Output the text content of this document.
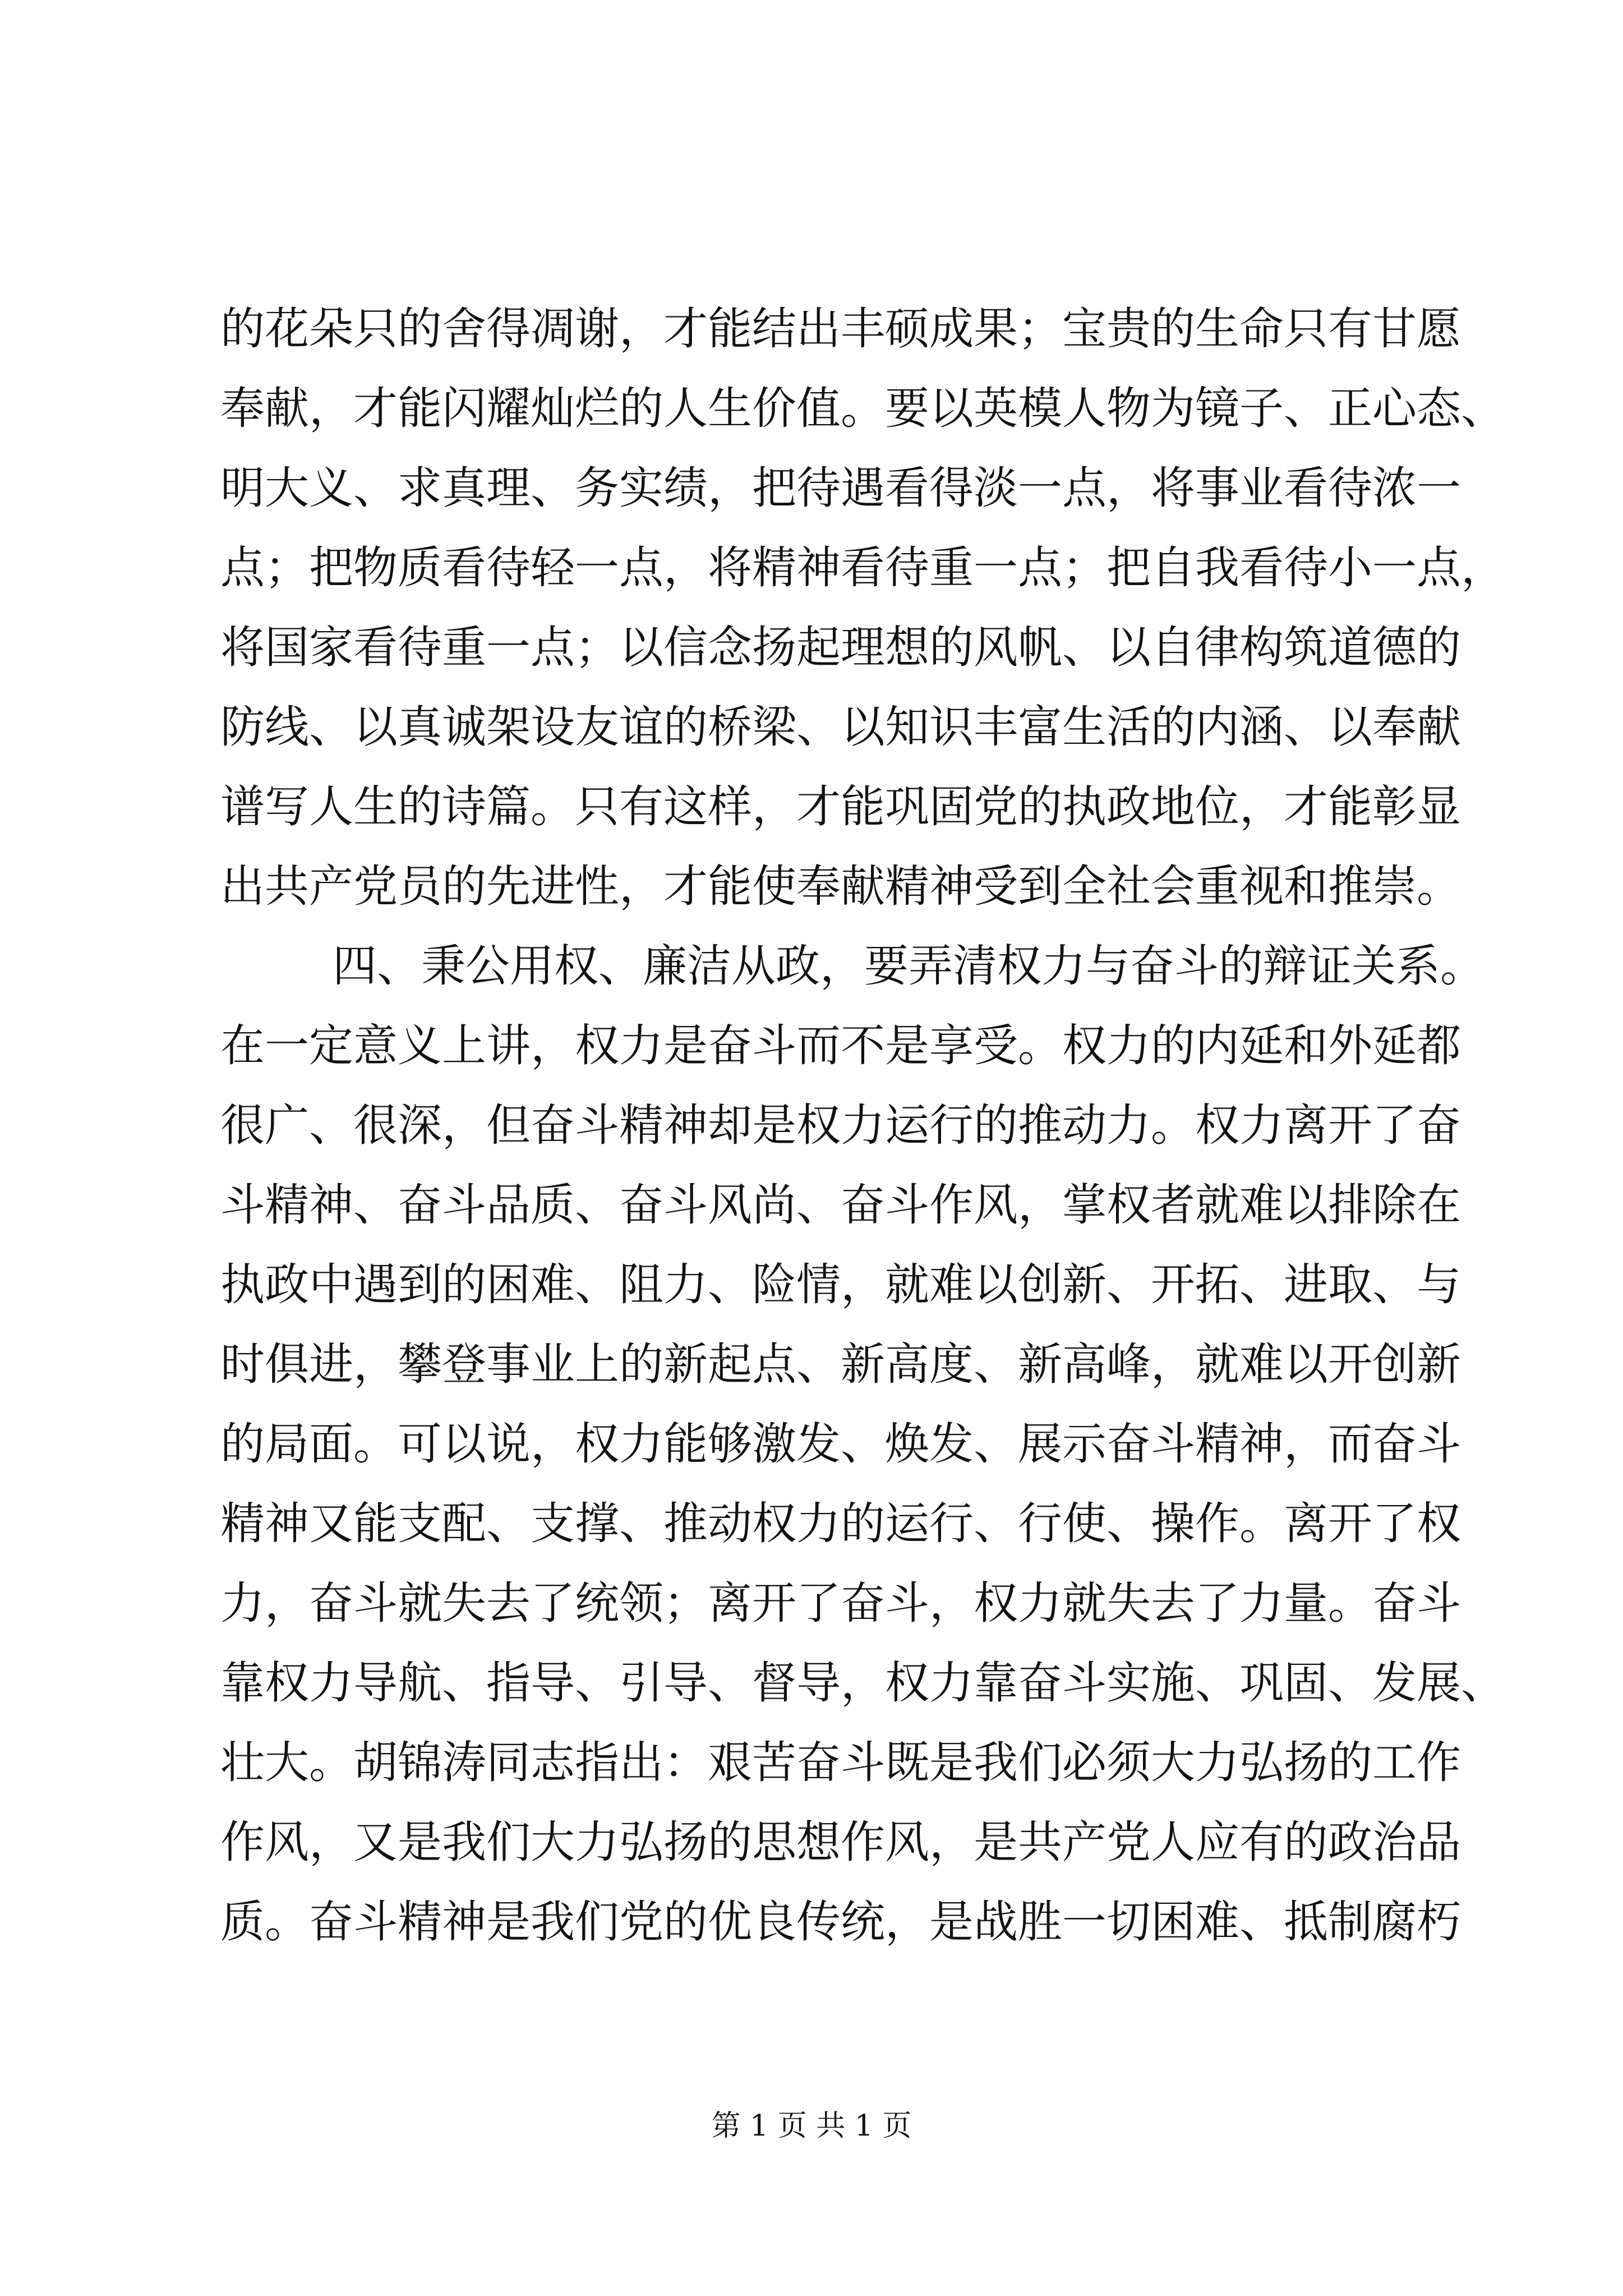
的花朵只的舍得凋谢，才能结出丰硕成果；宝贵的生命只有甘愿
奉献，才能闪耀灿烂的人生价值。要以英模人物为镜子、正心态、
明大义、求真理、务实绩，把待遇看得淡一点，将事业看待浓一
点；把物质看待轻一点，将精神看待重一点；把自我看待小一点，
将国家看待重一点；以信念扬起理想的风帆、以自律构筑道德的
防线、以真诚架设友谊的桥梁、以知识丰富生活的内涵、以奉献
谱写人生的诗篇。只有这样，才能巩固党的执政地位，才能彰显
出共产党员的先进性，才能使奉献精神受到全社会重视和推崇。
四、秉公用权、廉洁从政，要弄清权力与奋斗的辩证关系。
在一定意义上讲，权力是奋斗而不是享受。权力的内延和外延都
很广、很深，但奋斗精神却是权力运行的推动力。权力离开了奋
斗精神、奋斗品质、奋斗风尚、奋斗作风，掌权者就难以排除在
执政中遇到的困难、阻力、险情，就难以创新、开拓、进取、与
时俱进，攀登事业上的新起点、新高度、新高峰，就难以开创新
的局面。可以说，权力能够激发、焕发、展示奋斗精神，而奋斗
精神又能支配、支撑、推动权力的运行、行使、操作。离开了权
力，奋斗就失去了统领；离开了奋斗，权力就失去了力量。奋斗
靠权力导航、指导、引导、督导，权力靠奋斗实施、巩固、发展、
壮大。胡锦涛同志指出：艰苦奋斗既是我们必须大力弘扬的工作
作风，又是我们大力弘扬的思想作风，是共产党人应有的政治品
质。奋斗精神是我们党的优良传统，是战胜一切困难、抵制腐朽
第 1 页 共 1 页
